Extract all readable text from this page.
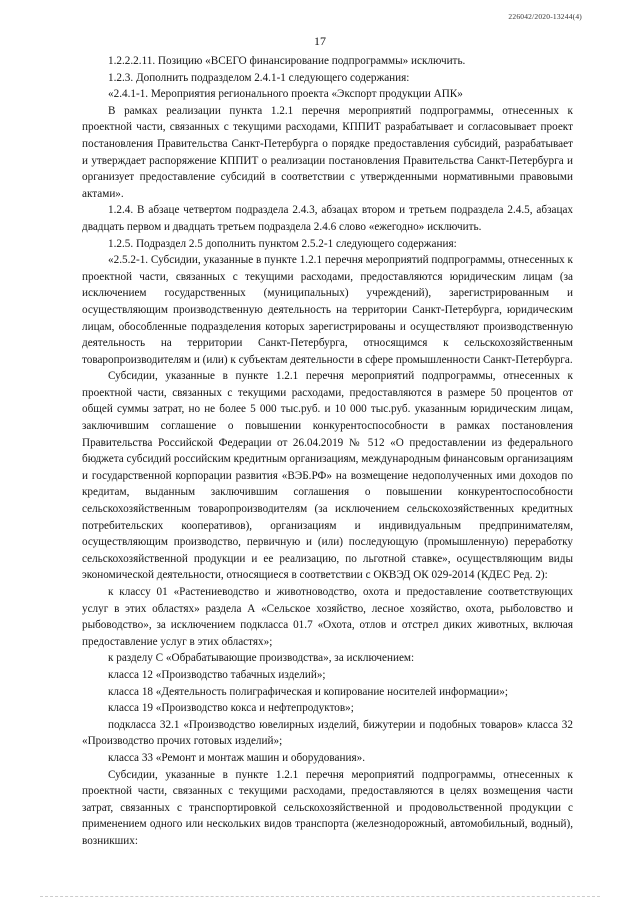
226042/2020-13244(4)
17

1.2.2.2.11. Позицию «ВСЕГО финансирование подпрограммы» исключить.

1.2.3. Дополнить подразделом 2.4.1-1 следующего содержания:

«2.4.1-1. Мероприятия регионального проекта «Экспорт продукции АПК»

В рамках реализации пункта 1.2.1 перечня мероприятий подпрограммы, отнесенных к проектной части, связанных с текущими расходами, КППИТ разрабатывает и согласовывает проект постановления Правительства Санкт-Петербурга о порядке предоставления субсидий, разрабатывает и утверждает распоряжение КППИТ о реализации постановления Правительства Санкт-Петербурга и организует предоставление субсидий в соответствии с утвержденными нормативными правовыми актами».

1.2.4. В абзаце четвертом подраздела 2.4.3, абзацах втором и третьем подраздела 2.4.5, абзацах двадцать первом и двадцать третьем подраздела 2.4.6 слово «ежегодно» исключить.

1.2.5. Подраздел 2.5 дополнить пунктом 2.5.2-1 следующего содержания:

«2.5.2-1. Субсидии, указанные в пункте 1.2.1 перечня мероприятий подпрограммы, отнесенных к проектной части, связанных с текущими расходами, предоставляются юридическим лицам (за исключением государственных (муниципальных) учреждений), зарегистрированным и осуществляющим производственную деятельность на территории Санкт-Петербурга, юридическим лицам, обособленные подразделения которых зарегистрированы и осуществляют производственную деятельность на территории Санкт-Петербурга, относящимся к сельскохозяйственным товаропроизводителям и (или) к субъектам деятельности в сфере промышленности Санкт-Петербурга.

Субсидии, указанные в пункте 1.2.1 перечня мероприятий подпрограммы, отнесенных к проектной части, связанных с текущими расходами, предоставляются в размере 50 процентов от общей суммы затрат, но не более 5 000 тыс.руб. и 10 000 тыс.руб. указанным юридическим лицам, заключившим соглашение о повышении конкурентоспособности в рамках постановления Правительства Российской Федерации от 26.04.2019 № 512 «О предоставлении из федерального бюджета субсидий российским кредитным организациям, международным финансовым организациям и государственной корпорации развития «ВЭБ.РФ» на возмещение недополученных ими доходов по кредитам, выданным заключившим соглашения о повышении конкурентоспособности сельскохозяйственным товаропроизводителям (за исключением сельскохозяйственных кредитных потребительских кооперативов), организациям и индивидуальным предпринимателям, осуществляющим производство, первичную и (или) последующую (промышленную) переработку сельскохозяйственной продукции и ее реализацию, по льготной ставке», осуществляющим виды экономической деятельности, относящиеся в соответствии с ОКВЭД ОК 029-2014 (КДЕС Ред. 2):

к классу 01 «Растениеводство и животноводство, охота и предоставление соответствующих услуг в этих областях» раздела А «Сельское хозяйство, лесное хозяйство, охота, рыболовство и рыбоводство», за исключением подкласса 01.7 «Охота, отлов и отстрел диких животных, включая предоставление услуг в этих областях»;

к разделу С «Обрабатывающие производства», за исключением:

класса 12 «Производство табачных изделий»;

класса 18 «Деятельность полиграфическая и копирование носителей информации»;

класса 19 «Производство кокса и нефтепродуктов»;

подкласса 32.1 «Производство ювелирных изделий, бижутерии и подобных товаров» класса 32 «Производство прочих готовых изделий»;

класса 33 «Ремонт и монтаж машин и оборудования».

Субсидии, указанные в пункте 1.2.1 перечня мероприятий подпрограммы, отнесенных к проектной части, связанных с текущими расходами, предоставляются в целях возмещения части затрат, связанных с транспортировкой сельскохозяйственной и продовольственной продукции с применением одного или нескольких видов транспорта (железнодорожный, автомобильный, водный), возникших:
